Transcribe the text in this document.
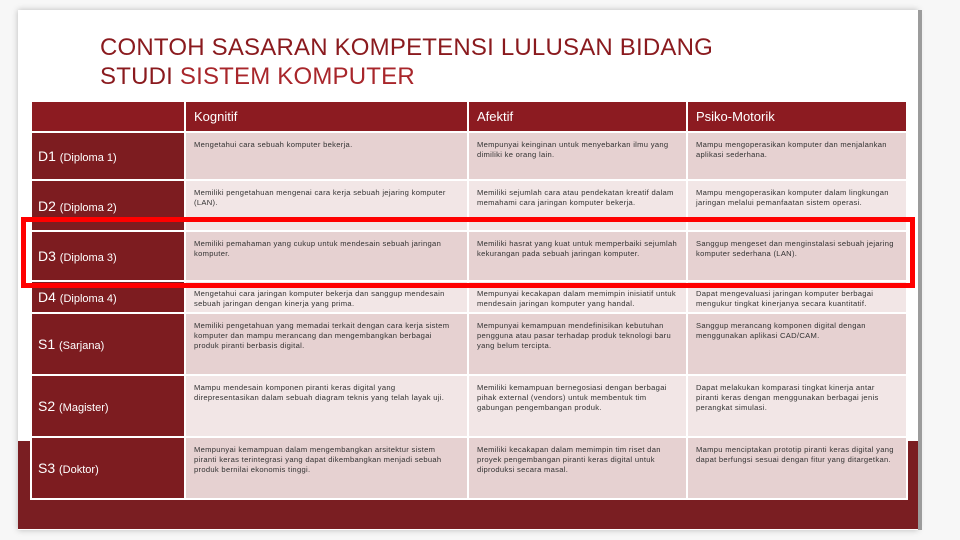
CONTOH SASARAN KOMPETENSI LULUSAN BIDANG
STUDI SISTEM KOMPUTER
	Kognitif	Afektif	Psiko-Motorik
D1 (Diploma 1)	Mengetahui cara sebuah komputer bekerja.	Mempunyai keinginan untuk menyebarkan ilmu yang dimiliki ke orang lain.	Mampu mengoperasikan komputer dan menjalankan aplikasi sederhana.
D2 (Diploma 2)	Memiliki pengetahuan mengenai cara kerja sebuah jejaring komputer (LAN).	Memiliki sejumlah cara atau pendekatan kreatif dalam memahami cara jaringan komputer bekerja.	Mampu mengoperasikan komputer dalam lingkungan jaringan melalui pemanfaatan sistem operasi.
D3 (Diploma 3)	Memiliki pemahaman yang cukup untuk mendesain sebuah jaringan komputer.	Memiliki hasrat yang kuat untuk memperbaiki sejumlah kekurangan pada sebuah jaringan komputer.	Sanggup mengeset dan menginstalasi sebuah jejaring komputer sederhana (LAN).
D4 (Diploma 4)	Mengetahui cara jaringan komputer bekerja dan sanggup mendesain sebuah jaringan dengan kinerja yang prima.	Mempunyai kecakapan dalam memimpin inisiatif untuk mendesain jaringan komputer yang handal.	Dapat mengevaluasi jaringan komputer berbagai mengukur tingkat kinerjanya secara kuantitatif.
S1 (Sarjana)	Memiliki pengetahuan yang memadai terkait dengan cara kerja sistem komputer dan mampu merancang dan mengembangkan berbagai produk piranti berbasis digital.	Mempunyai kemampuan mendefinisikan kebutuhan pengguna atau pasar terhadap produk teknologi baru yang belum tercipta.	Sanggup merancang komponen digital dengan menggunakan aplikasi CAD/CAM.
S2 (Magister)	Mampu mendesain komponen piranti keras digital yang direpresentasikan dalam sebuah diagram teknis yang telah layak uji.	Memiliki kemampuan bernegosiasi dengan berbagai pihak external (vendors) untuk membentuk tim gabungan pengembangan produk.	Dapat melakukan komparasi tingkat kinerja antar piranti keras dengan menggunakan berbagai jenis perangkat simulasi.
S3 (Doktor)	Mempunyai kemampuan dalam mengembangkan arsitektur sistem piranti keras terintegrasi yang dapat dikembangkan menjadi sebuah produk bernilai ekonomis tinggi.	Memiliki kecakapan dalam memimpin tim riset dan proyek pengembangan piranti keras digital untuk diproduksi secara masal.	Mampu menciptakan prototip piranti keras digital yang dapat berfungsi sesuai dengan fitur yang ditargetkan.
